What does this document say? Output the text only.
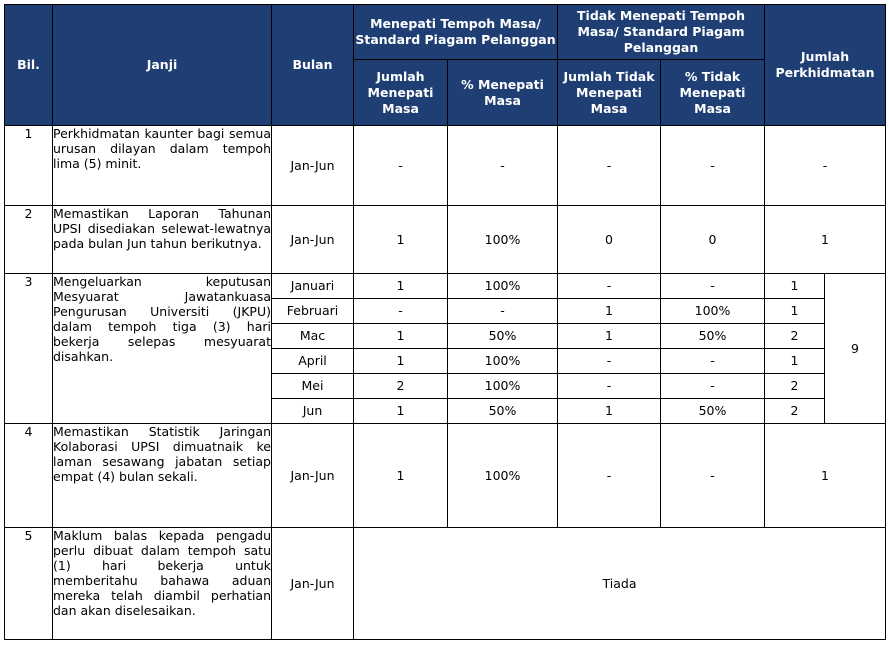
Bil.	Janji	Bulan	Menepati Tempoh Masa/ Standard Piagam Pelanggan		Tidak Menepati Tempoh Masa/ Standard Piagam Pelanggan		Jumlah Perkhidmatan	
			Jumlah Menepati Masa	% Menepati Masa	Jumlah Tidak Menepati Masa	% Tidak Menepati Masa		
1	Perkhidmatan kaunter bagi semua urusan dilayan dalam tempoh lima (5) minit.	Jan-Jun	-	-	-	-	-	
2	Memastikan Laporan Tahunan UPSI disediakan selewat-lewatnya pada bulan Jun tahun berikutnya.	Jan-Jun	1	100%	0	0	1	
3	Mengeluarkan keputusan Mesyuarat Jawatankuasa Pengurusan Universiti (JKPU) dalam tempoh tiga (3) hari bekerja selepas mesyuarat disahkan.	Januari	1	100%	-	-	1	9
		Februari	-	-	1	100%	1	
		Mac	1	50%	1	50%	2	
		April	1	100%	-	-	1	
		Mei	2	100%	-	-	2	
		Jun	1	50%	1	50%	2	
4	Memastikan Statistik Jaringan Kolaborasi UPSI dimuatnaik ke laman sesawang jabatan setiap empat (4) bulan sekali.	Jan-Jun	1	100%	-	-	1	
5	Maklum balas kepada pengadu perlu dibuat dalam tempoh satu (1) hari bekerja untuk memberitahu bahawa aduan mereka telah diambil perhatian dan akan diselesaikan.	Jan-Jun	Tiada					
